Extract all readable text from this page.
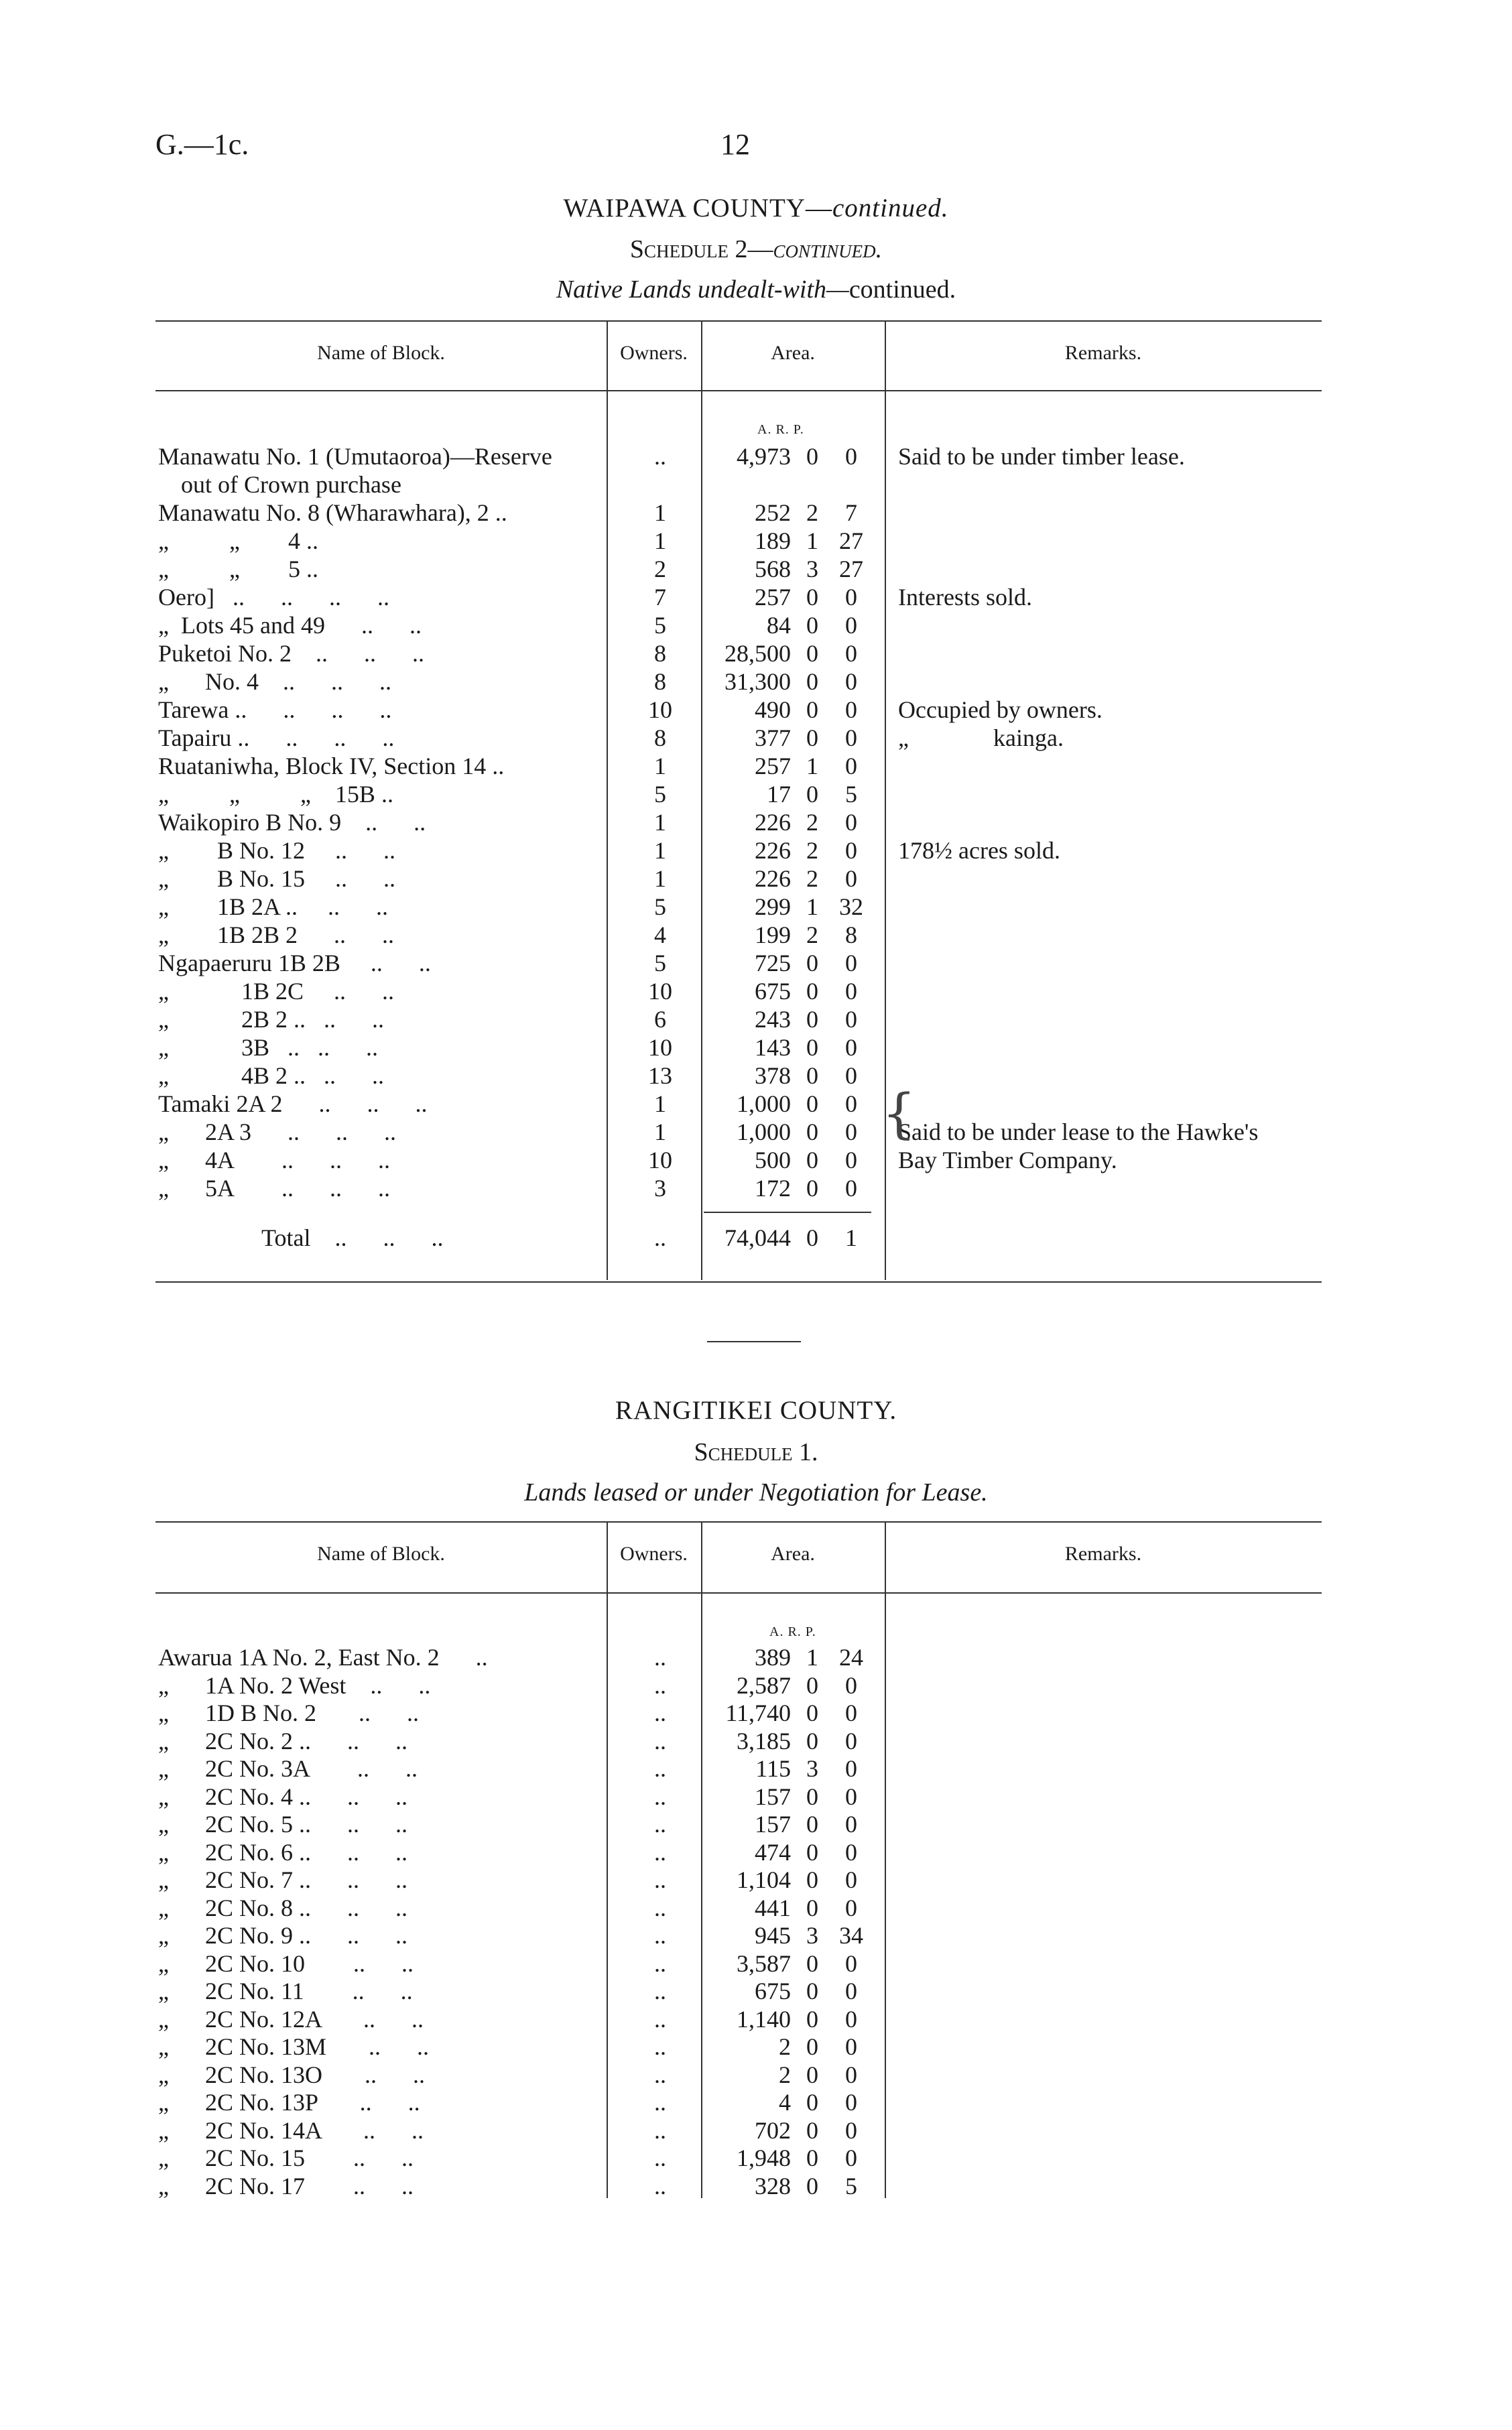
G.—1c.	12
WAIPAWA COUNTY—continued.
Schedule 2—continued.
Native Lands undealt-with—continued.
Name of Block.	Owners.	Area.	Remarks.
A. R. P.
Manawatu No. 1 (Umutaoroa)—Reserve	..	4,973 0	0	Said to be under timber lease.
out of Crown purchase
Manawatu No. 8 (Wharawhara), 2 ..	1	252 2	7
„          „        4 ..	1	189 1 27
„          „        5 ..	2	568 3 27
Oero]   ..      ..      ..      ..	7	257 0	0	Interests sold.
„  Lots 45 and 49      ..      ..	5	84 0	0
Puketoi No. 2    ..      ..      ..	8	28,500 0	0
„      No. 4    ..      ..      ..	8	31,300 0	0
Tarewa ..      ..      ..      ..	10	490 0	0	Occupied by owners.
Tapairu ..      ..      ..      ..	8	377 0	0	„              kainga.
Ruataniwha, Block IV, Section 14 ..	1	257 1	0
„          „          „    15B ..	5	17 0	5
Waikopiro B No. 9    ..      ..	1	226 2	0
„        B No. 12     ..      ..	1	226 2	0	178½ acres sold.
„        B No. 15     ..      ..	1	226 2	0
„        1B 2A ..     ..      ..	5	299 1 32
„        1B 2B 2      ..      ..	4	199 2	8
Ngapaeruru 1B 2B     ..      ..	5	725 0	0
„            1B 2C     ..      ..	10	675 0	0
„            2B 2 ..   ..      ..	6	243 0	0
„            3B   ..   ..      ..	10	143 0	0
„            4B 2 ..   ..      ..	13	378 0	0
Tamaki 2A 2      ..      ..      ..	1	1,000 0	0
„      2A 3      ..      ..      ..	1	1,000 0	0	Said to be under lease to the Hawke's
„      4A        ..      ..      ..	10	500 0	0	Bay Timber Company.
„      5A        ..      ..      ..	3	172 0	0
Total    ..      ..      ..	..	74,044 0	1
{
RANGITIKEI COUNTY.
Schedule 1.
Lands leased or under Negotiation for Lease.
Name of Block.	Owners.	Area.	Remarks.
A. R. P.
Awarua 1A No. 2, East No. 2      ..	..	389 1 24
„      1A No. 2 West    ..      ..	..	2,587 0	0
„      1D B No. 2       ..      ..	..	11,740 0	0
„      2C No. 2 ..      ..      ..	..	3,185 0	0
„      2C No. 3A        ..      ..	..	115 3	0
„      2C No. 4 ..      ..      ..	..	157 0	0
„      2C No. 5 ..      ..      ..	..	157 0	0
„      2C No. 6 ..      ..      ..	..	474 0	0
„      2C No. 7 ..      ..      ..	..	1,104 0	0
„      2C No. 8 ..      ..      ..	..	441 0	0
„      2C No. 9 ..      ..      ..	..	945 3 34
„      2C No. 10        ..      ..	..	3,587 0	0
„      2C No. 11        ..      ..	..	675 0	0
„      2C No. 12A       ..      ..	..	1,140 0	0
„      2C No. 13M       ..      ..	..	2 0	0
„      2C No. 13O       ..      ..	..	2 0	0
„      2C No. 13P       ..      ..	..	4 0	0
„      2C No. 14A       ..      ..	..	702 0	0
„      2C No. 15        ..      ..	..	1,948 0	0
„      2C No. 17        ..      ..	..	328 0	5
